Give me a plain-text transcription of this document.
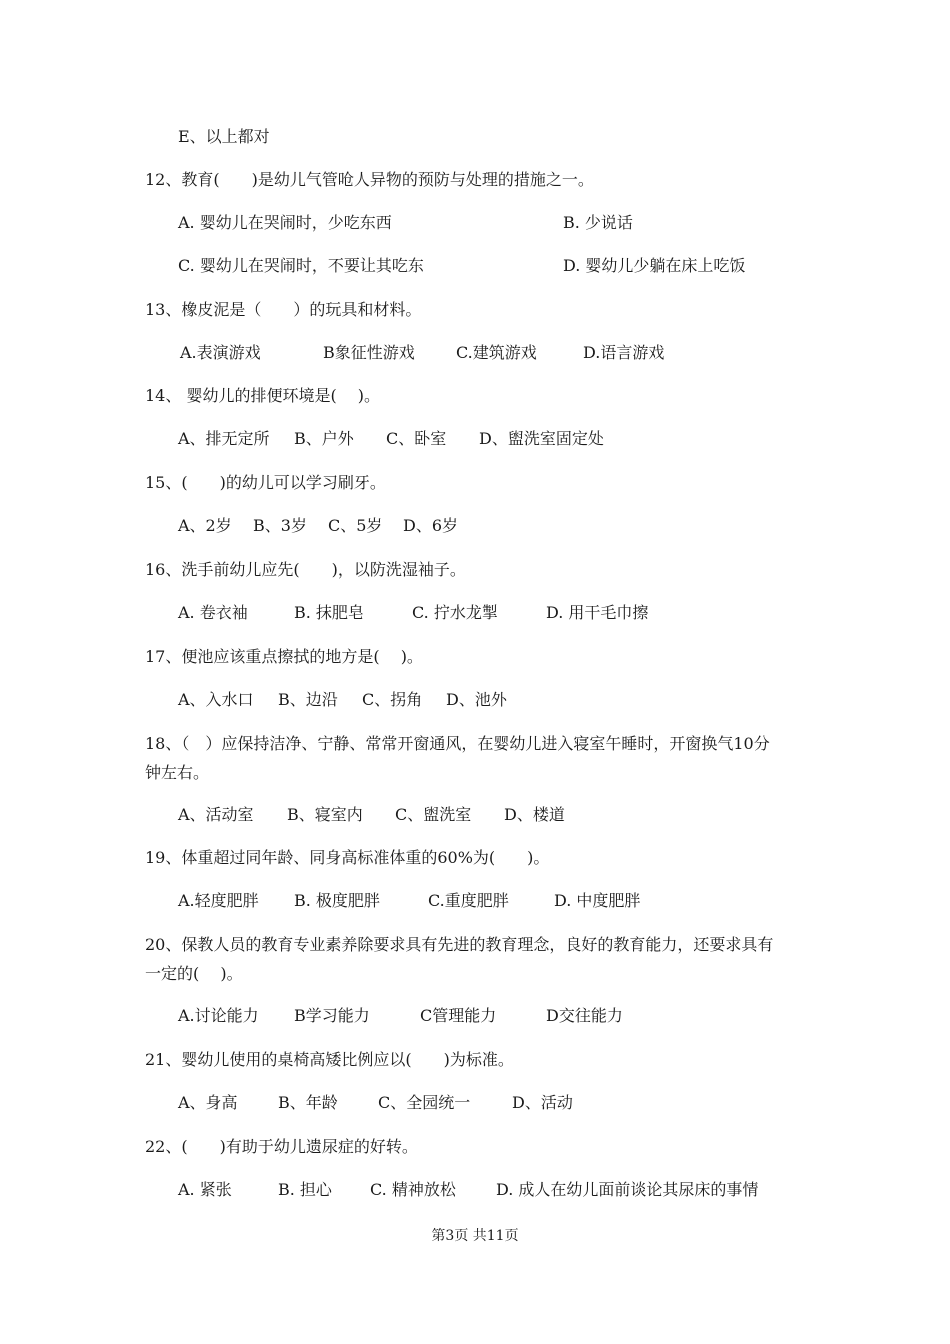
E、以上都对
12、教育(　　)是幼儿气管呛人异物的预防与处理的措施之一。
A. 婴幼儿在哭闹时，少吃东西	B. 少说话
C. 婴幼儿在哭闹时，不要让其吃东	D. 婴幼儿少躺在床上吃饭
13、橡皮泥是（　　）的玩具和材料。
A.表演游戏	B象征性游戏	C.建筑游戏	D.语言游戏
14、 婴幼儿的排便环境是(　 )。
A、排无定所 B、户外 C、卧室 D、盥洗室固定处
15、(　　)的幼儿可以学习刷牙。
A、2岁 B、3岁 C、5岁 D、6岁
16、洗手前幼儿应先(　　)，以防洗湿袖子。
A. 卷衣袖	B. 抹肥皂	C. 拧水龙掣	D. 用干毛巾擦
17、便池应该重点擦拭的地方是(　 )。
A、入水口 B、边沿 C、拐角 D、池外
18、（　）应保持洁净、宁静、常常开窗通风，在婴幼儿进入寝室午睡时，开窗换气10分
钟左右。
A、活动室 B、寝室内 C、盥洗室 D、楼道
19、体重超过同年龄、同身高标准体重的60%为(　　)。
A.轻度肥胖 B. 极度肥胖	C.重度肥胖	D. 中度肥胖
20、保教人员的教育专业素养除要求具有先进的教育理念，良好的教育能力，还要求具有
一定的(　 )。
A.讨论能力 B学习能力	C管理能力	D交往能力
21、婴幼儿使用的桌椅高矮比例应以(　　)为标准。
A、身高	B、年龄	C、全园统一	D、活动
22、(　　)有助于幼儿遗尿症的好转。
A. 紧张	B. 担心 C. 精神放松	D. 成人在幼儿面前谈论其尿床的事情
第3页 共11页
